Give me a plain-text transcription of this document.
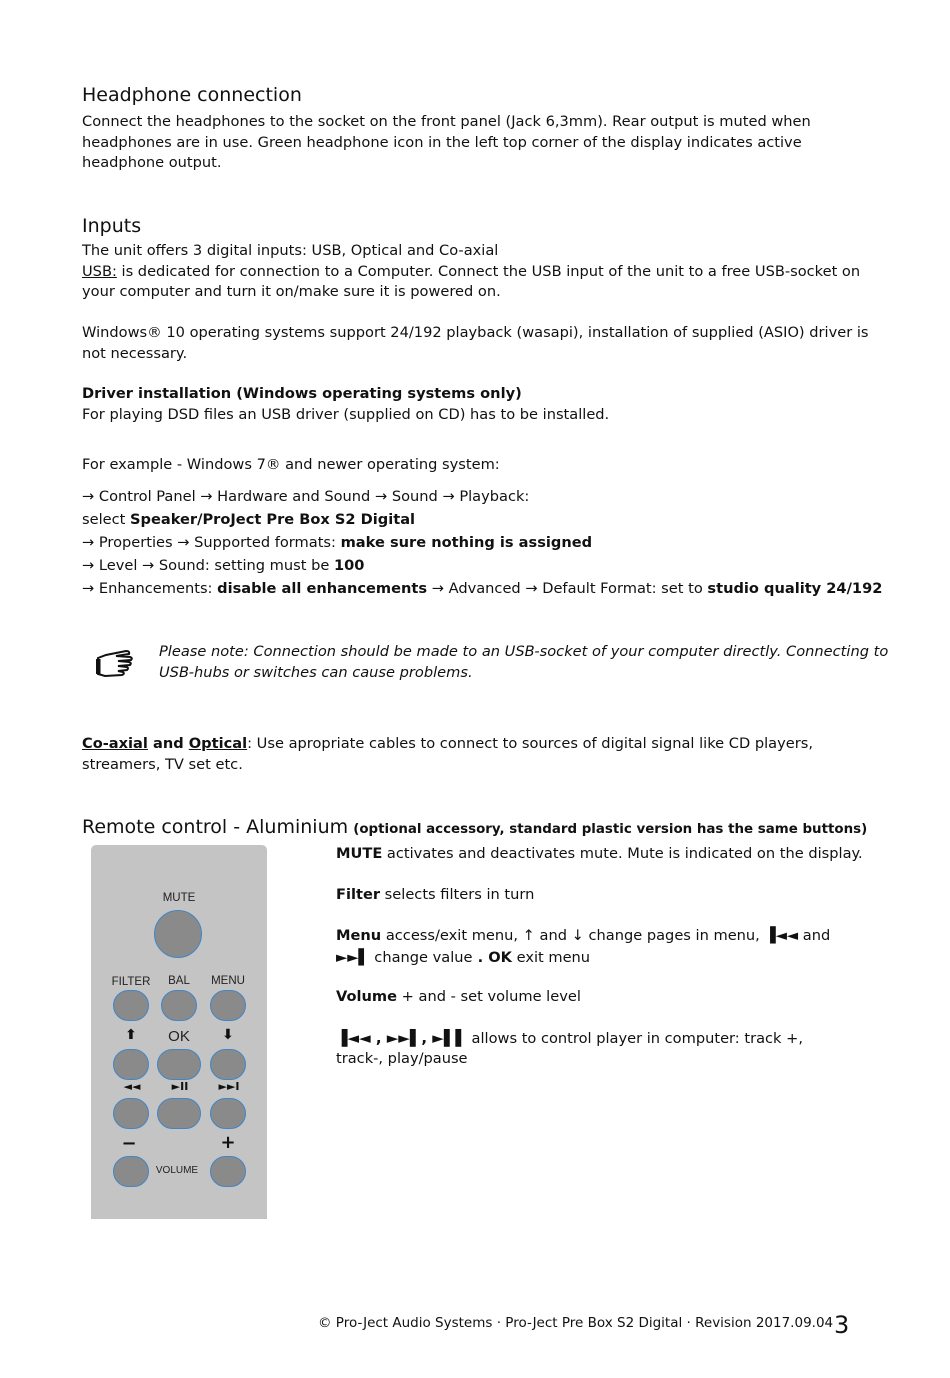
Headphone connection
Connect the headphones to the socket on the front panel (Jack 6,3mm). Rear output is muted when
headphones are in use. Green headphone icon in the left top corner of the display indicates active
headphone output.
Inputs
The unit offers 3 digital inputs: USB, Optical and Co-axial
USB: is dedicated for connection to a Computer. Connect the USB input of the unit to a free USB-socket on
your computer and turn it on/make sure it is powered on.
Windows® 10 operating systems support 24/192 playback (wasapi), installation of supplied (ASIO) driver is
not necessary.
Driver installation (Windows operating systems only)
For playing DSD files an USB driver (supplied on CD) has to be installed.
For example - Windows 7® and newer operating system:
→ Control Panel → Hardware and Sound → Sound → Playback:
select Speaker/ProJect Pre Box S2 Digital
→ Properties → Supported formats: make sure nothing is assigned
→ Level → Sound: setting must be 100
→ Enhancements: disable all enhancements → Advanced → Default Format: set to studio quality 24/192
Please note: Connection should be made to an USB-socket of your computer directly. Connecting to
USB-hubs or switches can cause problems.
Co-axial and Optical: Use apropriate cables to connect to sources of digital signal like CD players,
streamers, TV set etc.
Remote control - Aluminium (optional accessory, standard plastic version has the same buttons)
MUTE
FILTER	BAL	MENU
⬆	OK	⬇
◄◄	►II	►►I
−	+
VOLUME
MUTE activates and deactivates mute. Mute is indicated on the display.
Filter selects filters in turn
Menu access/exit menu, ↑ and ↓ change pages in menu, ▐◄◄ and
►►▌ change value . OK exit menu
Volume + and - set volume level
▐◄◄ , ►►▌, ►▌▌ allows to control player in computer: track +,
track-, play/pause
© Pro-Ject Audio Systems · Pro-Ject Pre Box S2 Digital · Revision 2017.09.04 3
